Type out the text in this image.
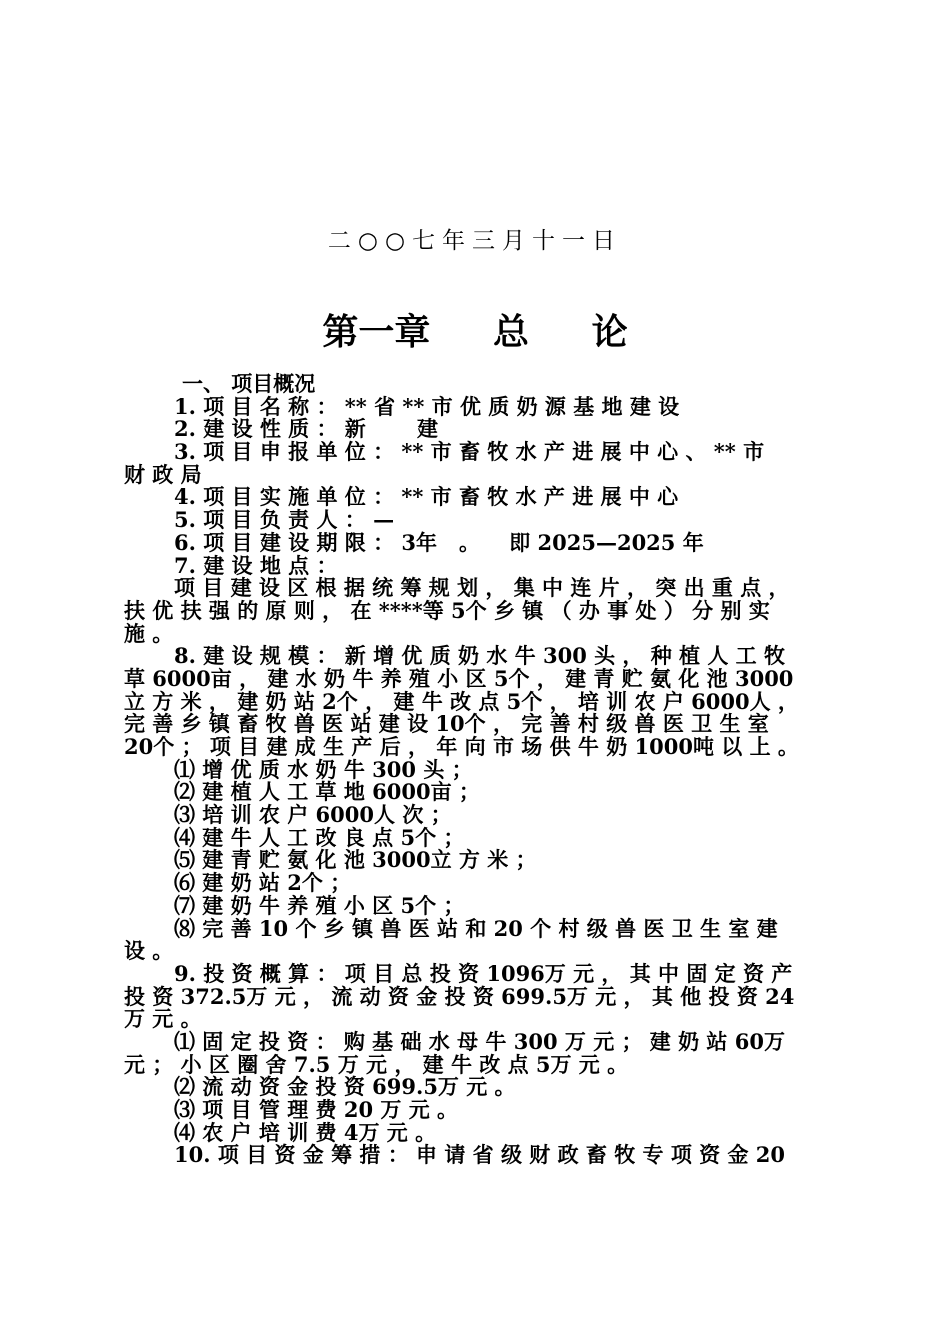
二○○七年三月十一日
第一章     总     论
一、 项目概况
1. 项 目 名 称 ： ** 省 ** 市 优 质 奶 源 基 地 建 设
2. 建 设 性 质 ： 新       建
3. 项 目 申 报 单 位 ： ** 市 畜 牧 水 产 进 展 中 心 、 ** 市
财 政 局
4. 项 目 实 施 单 位 ： ** 市 畜 牧 水 产 进 展 中 心
5. 项 目 负 责 人 ： —
6. 项 目 建 设 期 限 ： 3年   。    即 2025—2025 年
7. 建 设 地 点 ：
项 目 建 设 区 根 据 统 筹 规 划 ， 集 中 连 片 ， 突 出 重 点 ，
扶 优 扶 强 的 原 则 ， 在 ****等 5个 乡 镇 （ 办 事 处 ） 分 别 实
施 。
8. 建 设 规 模 ： 新 增 优 质 奶 水 牛 300 头 ， 种 植 人 工 牧
草 6000亩 ， 建 水 奶 牛 养 殖 小 区 5个 ， 建 青 贮 氨 化 池 3000
立 方 米 ， 建 奶 站 2个 ， 建 牛 改 点 5个 ， 培 训 农 户 6000人 ，
完 善 乡 镇 畜 牧 兽 医 站 建 设 10个 ， 完 善 村 级 兽 医 卫 生 室
20个 ； 项 目 建 成 生 产 后 ， 年 向 市 场 供 牛 奶 1000吨 以 上 。
⑴ 增 优 质 水 奶 牛 300 头 ；
⑵ 建 植 人 工 草 地 6000亩 ；
⑶ 培 训 农 户 6000人 次 ；
⑷ 建 牛 人 工 改 良 点 5个 ；
⑸ 建 青 贮 氨 化 池 3000立 方 米 ；
⑹ 建 奶 站 2个 ；
⑺ 建 奶 牛 养 殖 小 区 5个 ；
⑻ 完 善 10 个 乡 镇 兽 医 站 和 20 个 村 级 兽 医 卫 生 室 建
设 。
9. 投 资 概 算 ： 项 目 总 投 资 1096万 元 ， 其 中 固 定 资 产
投 资 372.5万 元 ， 流 动 资 金 投 资 699.5万 元 ， 其 他 投 资 24
万 元 。
⑴ 固 定 投 资 ： 购 基 础 水 母 牛 300 万 元 ； 建 奶 站 60万
元 ； 小 区 圈 舍 7.5 万 元 ， 建 牛 改 点 5万 元 。
⑵ 流 动 资 金 投 资 699.5万 元 。
⑶ 项 目 管 理 费 20 万 元 。
⑷ 农 户 培 训 费 4万 元 。
10. 项 目 资 金 筹 措 ： 申 请 省 级 财 政 畜 牧 专 项 资 金 20
